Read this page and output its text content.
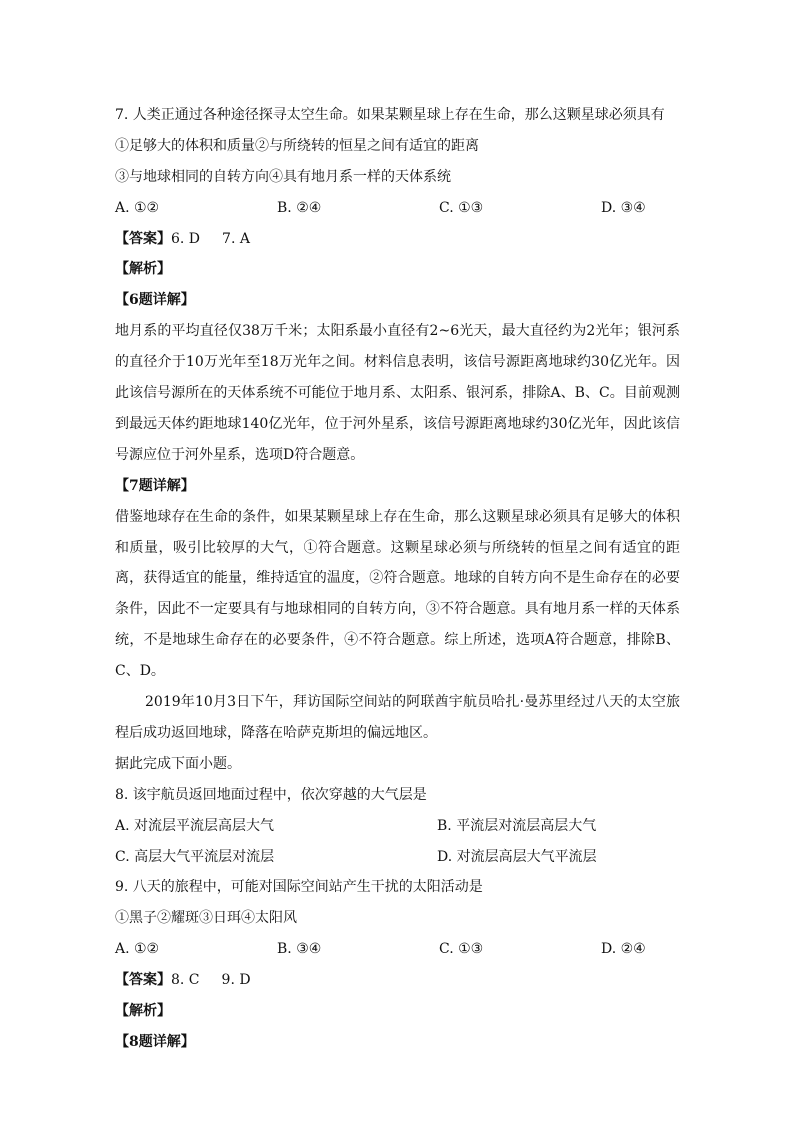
7. 人类正通过各种途径探寻太空生命。如果某颗星球上存在生命，那么这颗星球必须具有
①足够大的体积和质量②与所绕转的恒星之间有适宜的距离
③与地球相同的自转方向④具有地月系一样的天体系统
A. ①②	B. ②④	C. ①③	D. ③④
【答案】6. D 7. A
【解析】
【6题详解】
地月系的平均直径仅38万千米；太阳系最小直径有2~6光天，最大直径约为2光年；银河系的直径介于10万光年至18万光年之间。材料信息表明，该信号源距离地球约30亿光年。因此该信号源所在的天体系统不可能位于地月系、太阳系、银河系，排除A、B、C。目前观测到最远天体约距地球140亿光年，位于河外星系，该信号源距离地球约30亿光年，因此该信号源应位于河外星系，选项D符合题意。
【7题详解】
借鉴地球存在生命的条件，如果某颗星球上存在生命，那么这颗星球必须具有足够大的体积和质量，吸引比较厚的大气，①符合题意。这颗星球必须与所绕转的恒星之间有适宜的距离，获得适宜的能量，维持适宜的温度，②符合题意。地球的自转方向不是生命存在的必要条件，因此不一定要具有与地球相同的自转方向，③不符合题意。具有地月系一样的天体系统，不是地球生命存在的必要条件，④不符合题意。综上所述，选项A符合题意，排除B、C、D。
2019年10月3日下午，拜访国际空间站的阿联酋宇航员哈扎·曼苏里经过八天的太空旅程后成功返回地球，降落在哈萨克斯坦的偏远地区。
据此完成下面小题。
8. 该宇航员返回地面过程中，依次穿越的大气层是
A. 对流层平流层高层大气	B. 平流层对流层高层大气
C. 高层大气平流层对流层	D. 对流层高层大气平流层
9. 八天的旅程中，可能对国际空间站产生干扰的太阳活动是
①黑子②耀斑③日珥④太阳风
A. ①②	B. ③④	C. ①③	D. ②④
【答案】8. C 9. D
【解析】
【8题详解】
